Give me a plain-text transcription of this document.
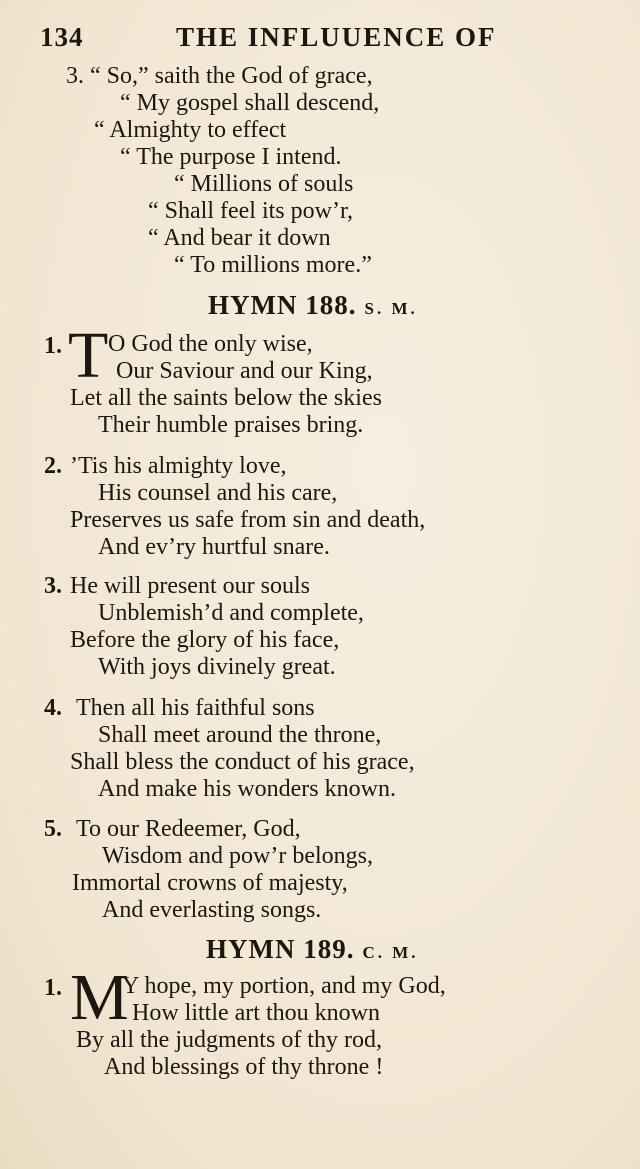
134	THE INFLUUENCE OF
3. “ So,” saith the God of grace,
“ My gospel shall descend,
“ Almighty to effect
“ The purpose I intend.
“ Millions of souls
“ Shall feel its pow’r,
“ And bear it down
“ To millions more.”
HYMN 188. S. M.
1. T O God the only wise,
Our Saviour and our King,
Let all the saints below the skies
Their humble praises bring.
2. ’Tis his almighty love,
His counsel and his care,
Preserves us safe from sin and death,
And ev’ry hurtful snare.
3. He will present our souls
Unblemish’d and complete,
Before the glory of his face,
With joys divinely great.
4. Then all his faithful sons
Shall meet around the throne,
Shall bless the conduct of his grace,
And make his wonders known.
5. To our Redeemer, God,
Wisdom and pow’r belongs,
Immortal crowns of majesty,
And everlasting songs.
HYMN 189. C. M.
1. M
Y hope, my portion, and my God,
How little art thou known
By all the judgments of thy rod,
And blessings of thy throne !
